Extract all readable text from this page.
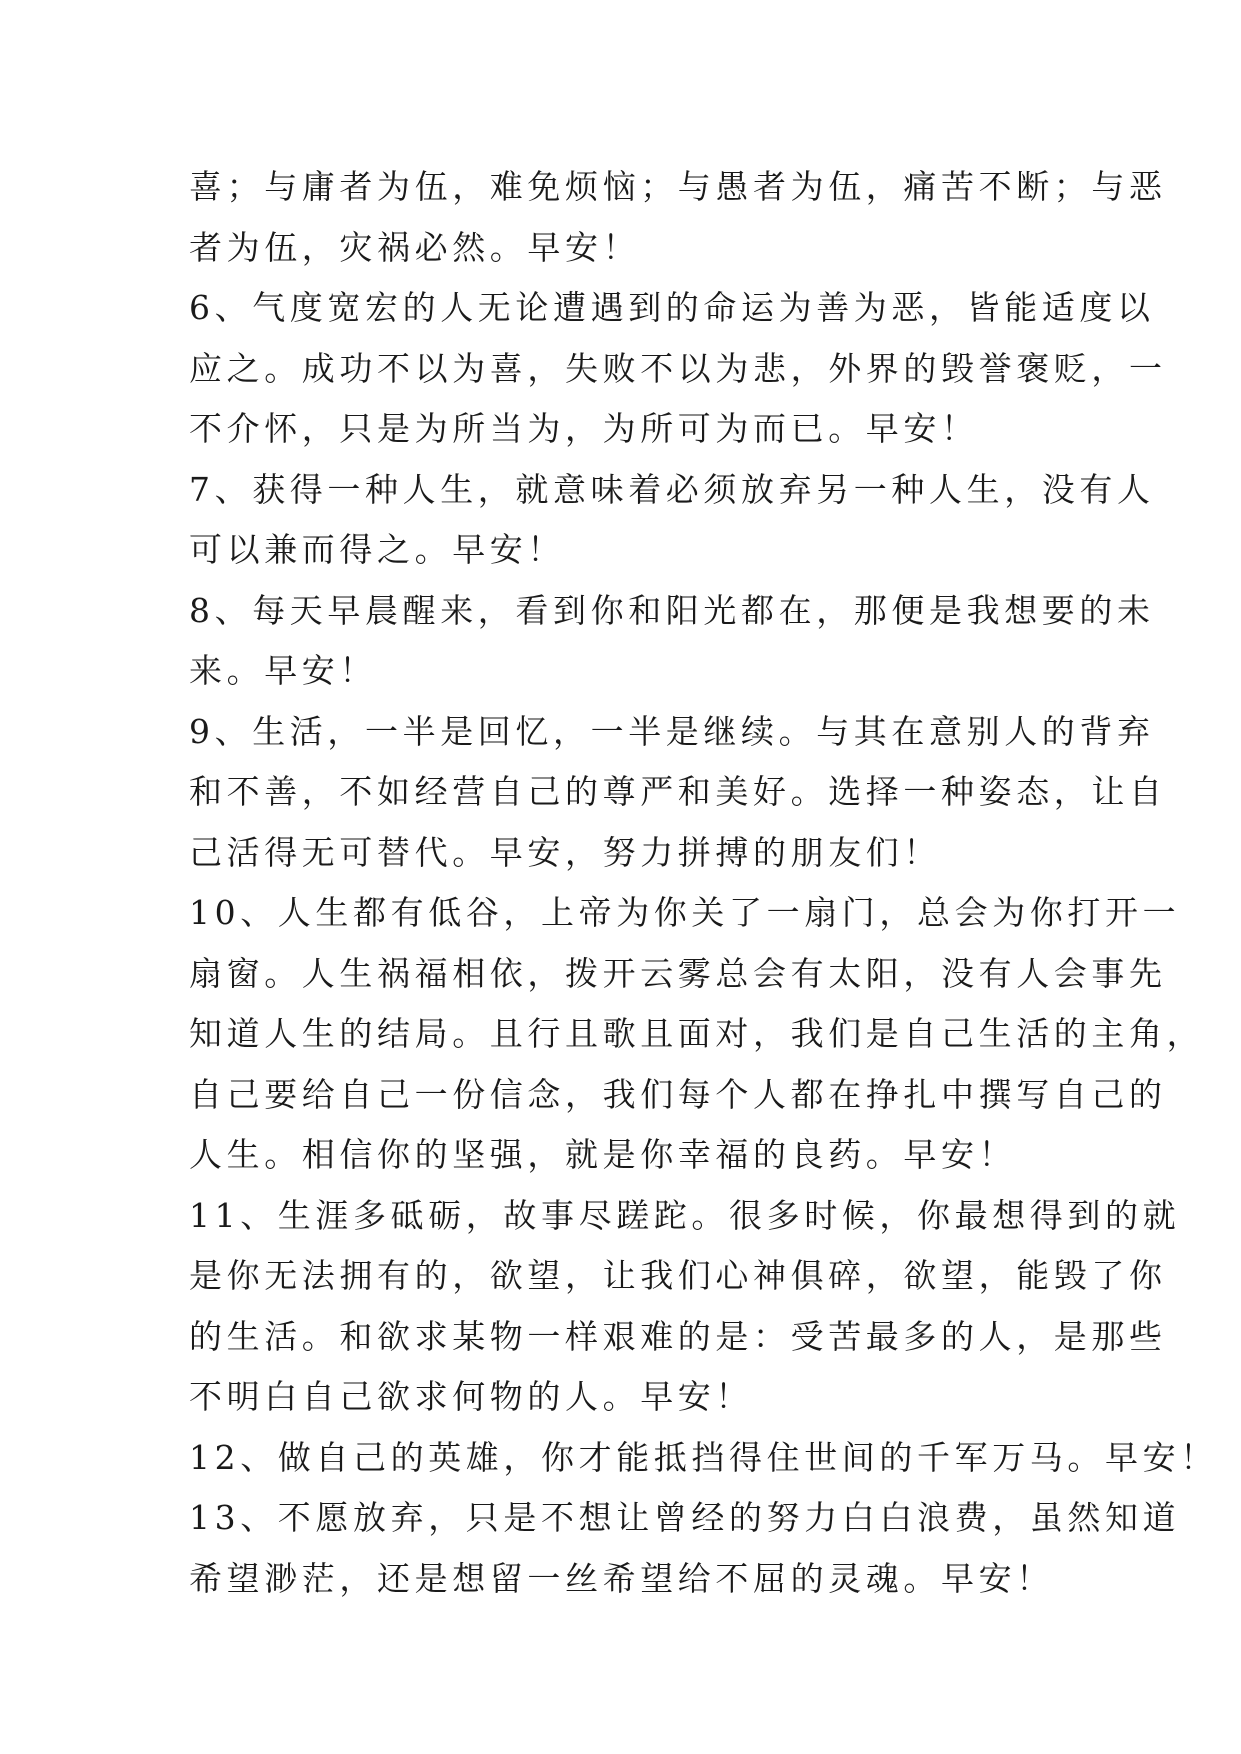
喜；与庸者为伍，难免烦恼；与愚者为伍，痛苦不断；与恶
者为伍，灾祸必然。早安！
6、气度宽宏的人无论遭遇到的命运为善为恶，皆能适度以
应之。成功不以为喜，失败不以为悲，外界的毁誉褒贬，一
不介怀，只是为所当为，为所可为而已。早安！
7、获得一种人生，就意味着必须放弃另一种人生，没有人
可以兼而得之。早安！
8、每天早晨醒来，看到你和阳光都在，那便是我想要的未
来。早安！
9、生活，一半是回忆，一半是继续。与其在意别人的背弃
和不善，不如经营自己的尊严和美好。选择一种姿态，让自
己活得无可替代。早安，努力拼搏的朋友们！
10、人生都有低谷，上帝为你关了一扇门，总会为你打开一
扇窗。人生祸福相依，拨开云雾总会有太阳，没有人会事先
知道人生的结局。且行且歌且面对，我们是自己生活的主角，
自己要给自己一份信念，我们每个人都在挣扎中撰写自己的
人生。相信你的坚强，就是你幸福的良药。早安！
11、生涯多砥砺，故事尽蹉跎。很多时候，你最想得到的就
是你无法拥有的，欲望，让我们心神俱碎，欲望，能毁了你
的生活。和欲求某物一样艰难的是：受苦最多的人，是那些
不明白自己欲求何物的人。早安！
12、做自己的英雄，你才能抵挡得住世间的千军万马。早安！
13、不愿放弃，只是不想让曾经的努力白白浪费，虽然知道
希望渺茫，还是想留一丝希望给不屈的灵魂。早安！
